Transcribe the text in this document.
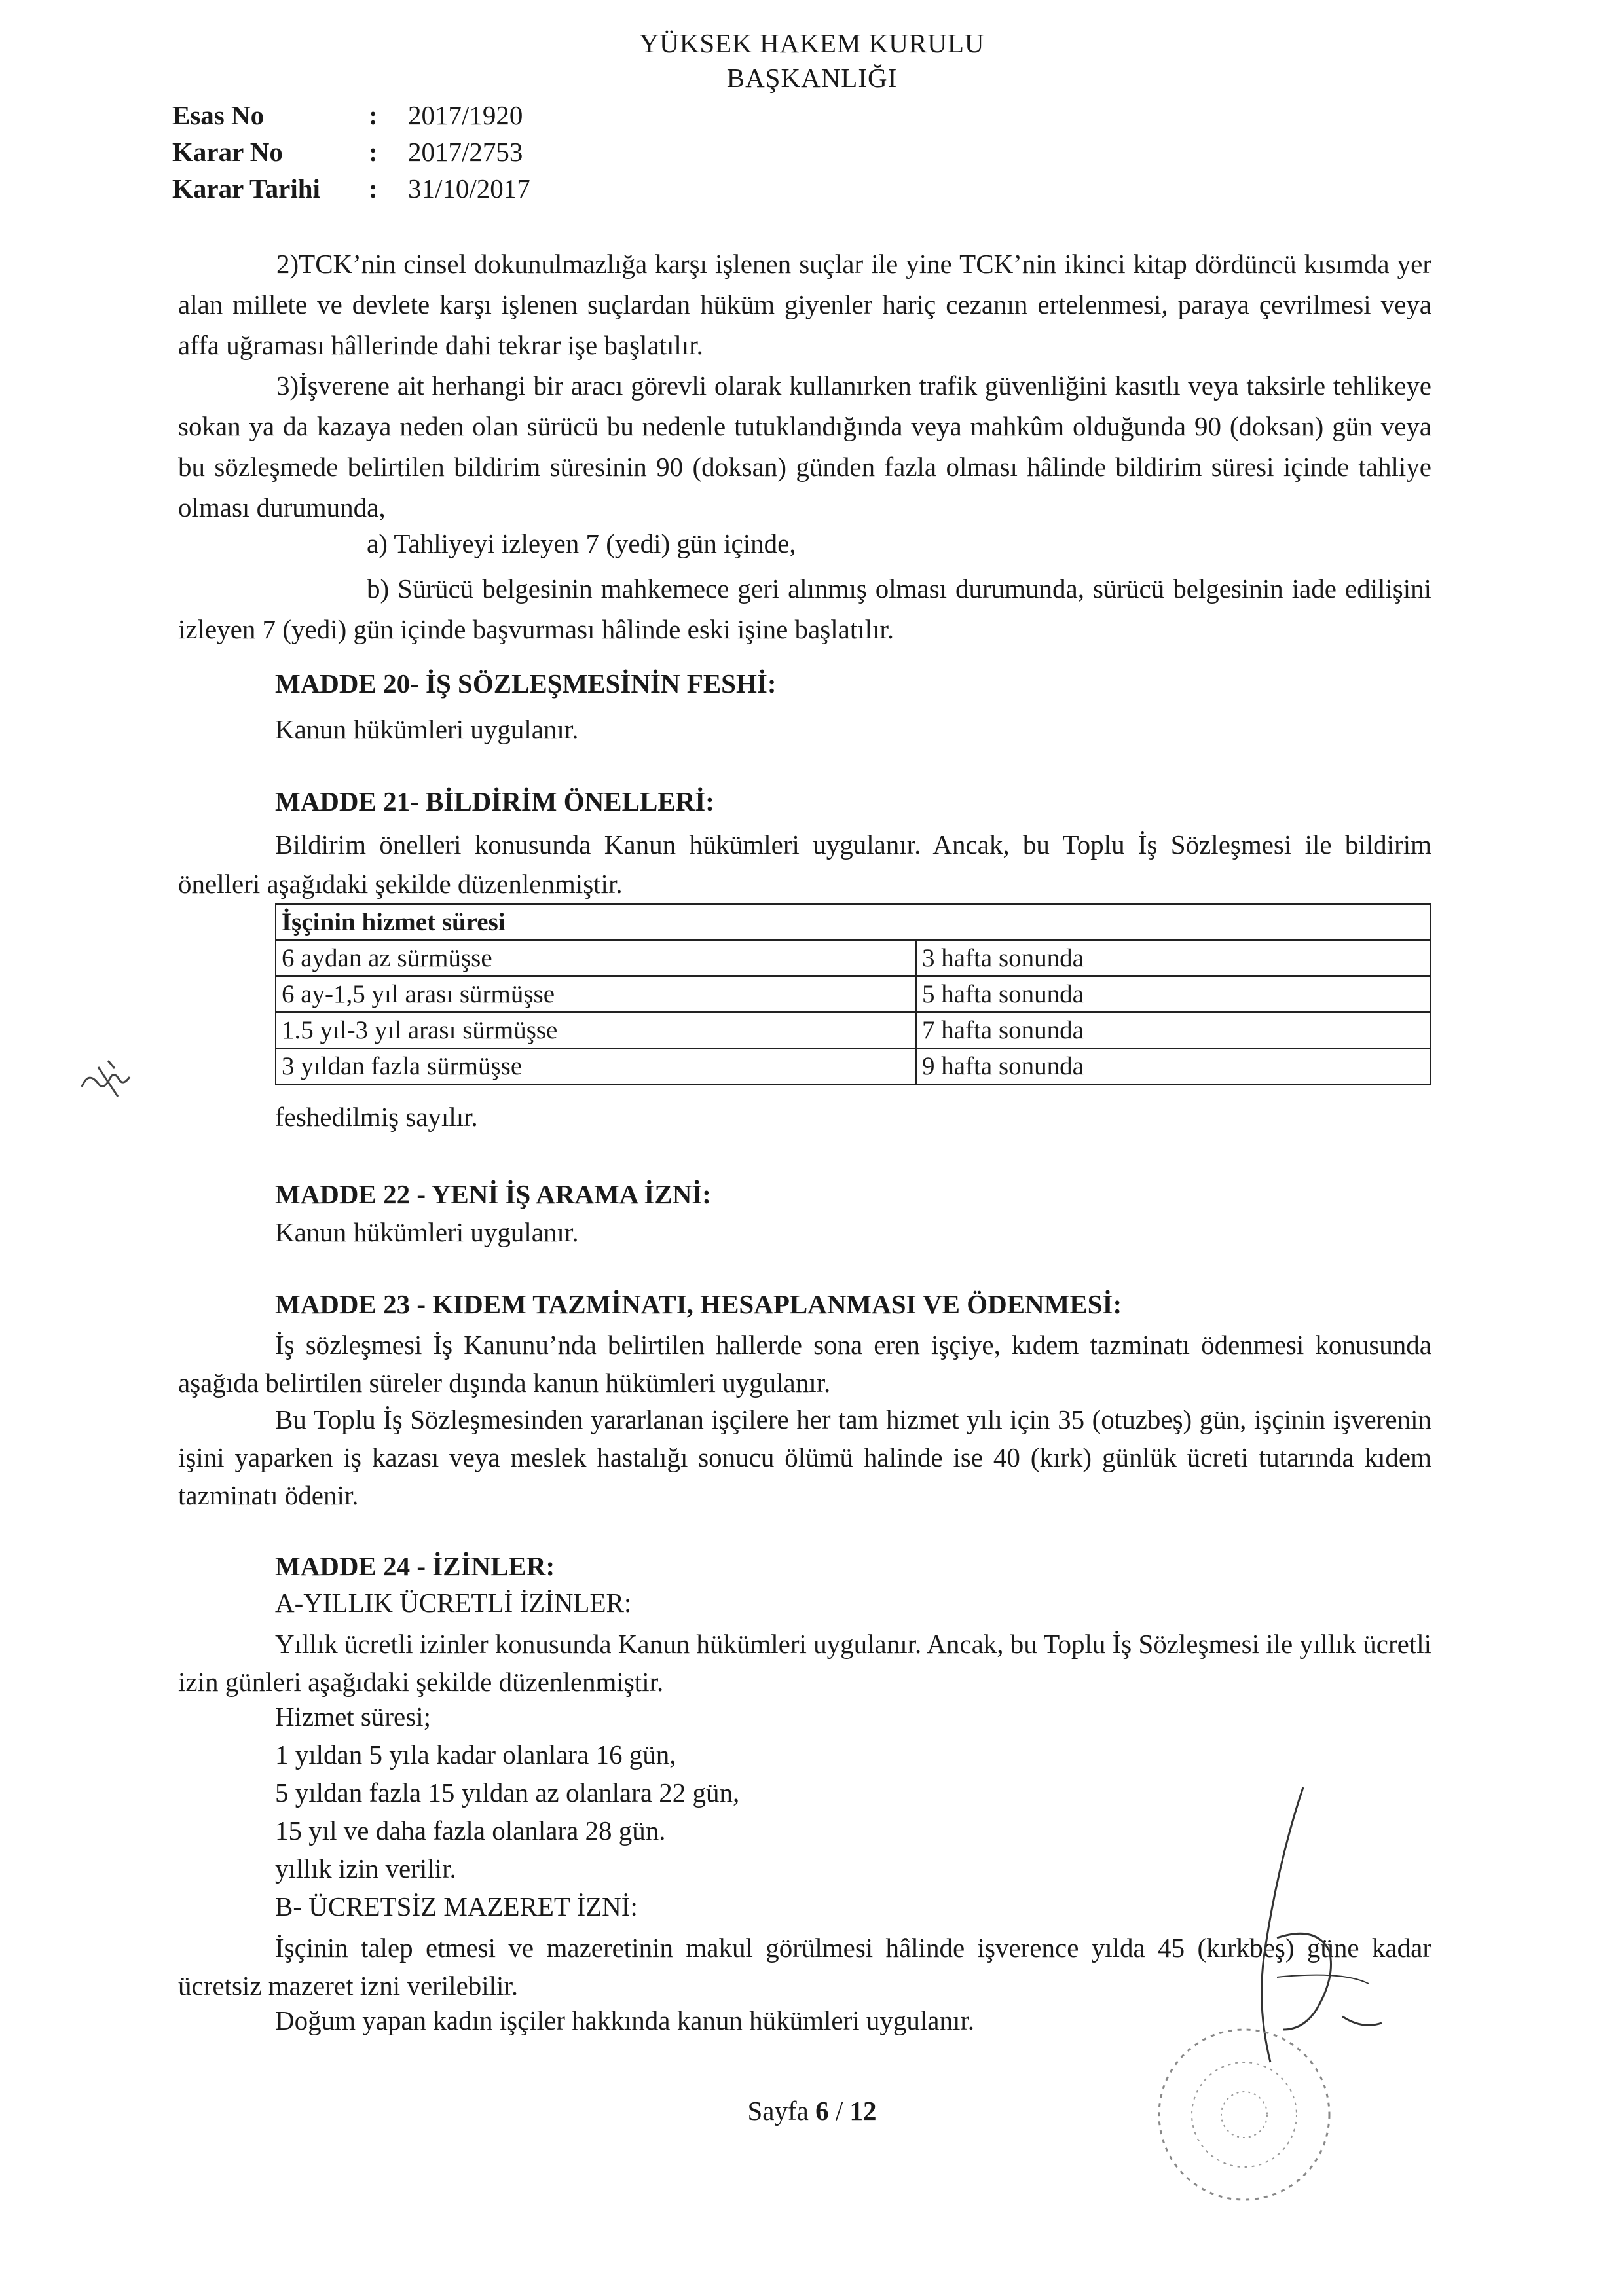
YÜKSEK HAKEM KURULU
BAŞKANLIĞI
Esas No	: 2017/1920
Karar No	: 2017/2753
Karar Tarihi : 31/10/2017
2)TCK’nin cinsel dokunulmazlığa karşı işlenen suçlar ile yine TCK’nin ikinci kitap dördüncü kısımda yer alan millete ve devlete karşı işlenen suçlardan hüküm giyenler hariç cezanın ertelenmesi, paraya çevrilmesi veya affa uğraması hâllerinde dahi tekrar işe başlatılır.
3)İşverene ait herhangi bir aracı görevli olarak kullanırken trafik güvenliğini kasıtlı veya taksirle tehlikeye sokan ya da kazaya neden olan sürücü bu nedenle tutuklandığında veya mahkûm olduğunda 90 (doksan) gün veya bu sözleşmede belirtilen bildirim süresinin 90 (doksan) günden fazla olması hâlinde bildirim süresi içinde tahliye olması durumunda,
a) Tahliyeyi izleyen 7 (yedi) gün içinde,
b) Sürücü belgesinin mahkemece geri alınmış olması durumunda, sürücü belgesinin iade edilişini izleyen 7 (yedi) gün içinde başvurması hâlinde eski işine başlatılır.
MADDE 20- İŞ SÖZLEŞMESİNİN FESHİ:
Kanun hükümleri uygulanır.
MADDE 21- BİLDİRİM ÖNELLERİ:
Bildirim önelleri konusunda Kanun hükümleri uygulanır. Ancak, bu Toplu İş Sözleşmesi ile bildirim önelleri aşağıdaki şekilde düzenlenmiştir.
İşçinin hizmet süresi	
6 aydan az sürmüşse	3 hafta sonunda
6 ay-1,5 yıl arası sürmüşse	5 hafta sonunda
1.5 yıl-3 yıl arası sürmüşse	7 hafta sonunda
3 yıldan fazla sürmüşse	9 hafta sonunda
feshedilmiş sayılır.
MADDE 22 - YENİ İŞ ARAMA İZNİ:
Kanun hükümleri uygulanır.
MADDE 23 - KIDEM TAZMİNATI, HESAPLANMASI VE ÖDENMESİ:
İş sözleşmesi İş Kanunu’nda belirtilen hallerde sona eren işçiye, kıdem tazminatı ödenmesi konusunda aşağıda belirtilen süreler dışında kanun hükümleri uygulanır.
Bu Toplu İş Sözleşmesinden yararlanan işçilere her tam hizmet yılı için 35 (otuzbeş) gün, işçinin işverenin işini yaparken iş kazası veya meslek hastalığı sonucu ölümü halinde ise 40 (kırk) günlük ücreti tutarında kıdem tazminatı ödenir.
MADDE 24 - İZİNLER:
A-YILLIK ÜCRETLİ İZİNLER:
Yıllık ücretli izinler konusunda Kanun hükümleri uygulanır. Ancak, bu Toplu İş Sözleşmesi ile yıllık ücretli izin günleri aşağıdaki şekilde düzenlenmiştir.
Hizmet süresi;
1 yıldan 5 yıla kadar olanlara 16 gün,
5 yıldan fazla 15 yıldan az olanlara 22 gün,
15 yıl ve daha fazla olanlara 28 gün.
yıllık izin verilir.
B- ÜCRETSİZ MAZERET İZNİ:
İşçinin talep etmesi ve mazeretinin makul görülmesi hâlinde işverence yılda 45 (kırkbeş) güne kadar ücretsiz mazeret izni verilebilir.
Doğum yapan kadın işçiler hakkında kanun hükümleri uygulanır.
Sayfa 6 / 12
